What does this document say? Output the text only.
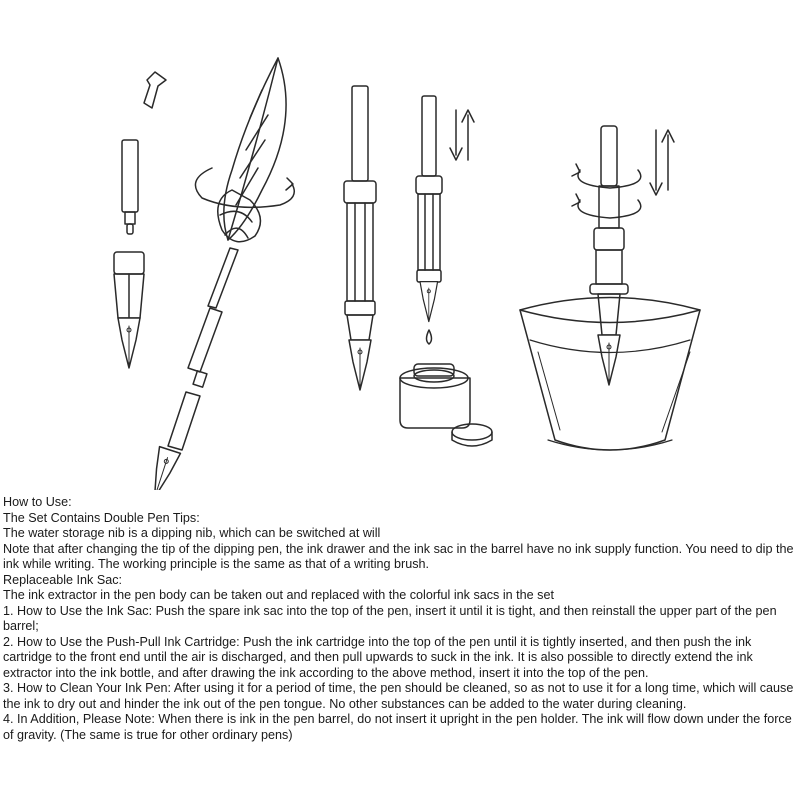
How to Use:

The Set Contains Double Pen Tips:

The water storage nib is a dipping nib, which can be switched at will

Note that after changing the tip of the dipping pen, the ink drawer and the ink sac in the barrel have no ink supply function. You need to dip the ink while writing. The working principle is the same as that of a writing brush.

Replaceable Ink Sac:

The ink extractor in the pen body can be taken out and replaced with the colorful ink sacs in the set

1. How to Use the Ink Sac: Push the spare ink sac into the top of the pen, insert it until it is tight, and then reinstall the upper part of the pen barrel;

2. How to Use the Push-Pull Ink Cartridge: Push the ink cartridge into the top of the pen until it is tightly inserted, and then push the ink cartridge to the front end until the air is discharged, and then pull upwards to suck in the ink. It is also possible to directly extend the ink extractor into the ink bottle, and after drawing the ink according to the above method, insert it into the top of the pen.

3. How to Clean Your Ink Pen: After using it for a period of time, the pen should be cleaned, so as not to use it for a long time, which will cause the ink to dry out and hinder the ink out of the pen tongue. No other substances can be added to the water during cleaning.

4. In Addition, Please Note: When there is ink in the pen barrel, do not insert it upright in the pen holder. The ink will flow down under the force of gravity. (The same is true for other ordinary pens)
